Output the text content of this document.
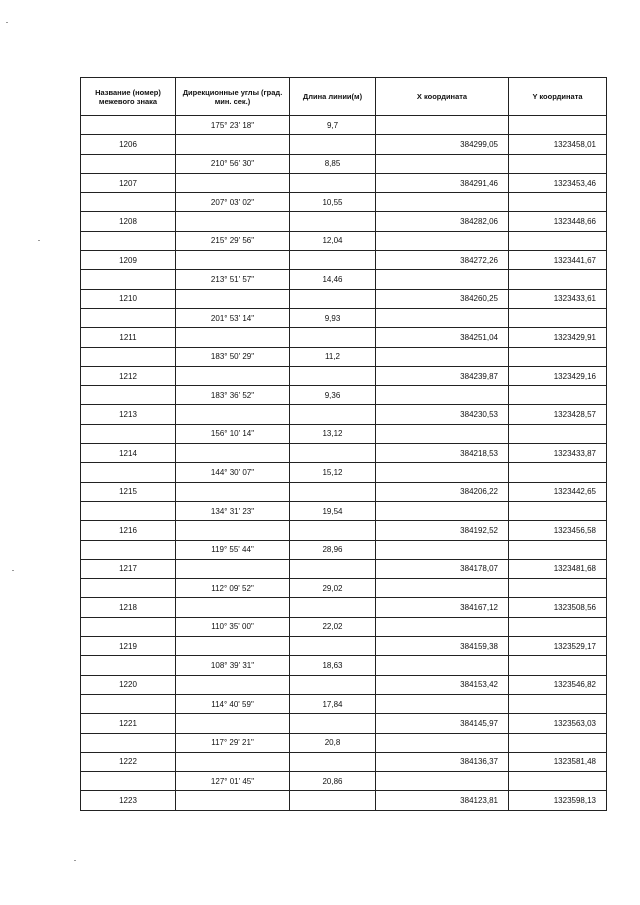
Название (номер) межевого знака	Дирекционные углы (град. мин. сек.)	Длина линии(м)	X координата	Y координата
	175° 23' 18"	9,7		
1206			384299,05	1323458,01
	210° 56' 30"	8,85		
1207			384291,46	1323453,46
	207° 03' 02"	10,55		
1208			384282,06	1323448,66
	215° 29' 56"	12,04		
1209			384272,26	1323441,67
	213° 51' 57"	14,46		
1210			384260,25	1323433,61
	201° 53' 14"	9,93		
1211			384251,04	1323429,91
	183° 50' 29"	11,2		
1212			384239,87	1323429,16
	183° 36' 52"	9,36		
1213			384230,53	1323428,57
	156° 10' 14"	13,12		
1214			384218,53	1323433,87
	144° 30' 07"	15,12		
1215			384206,22	1323442,65
	134° 31' 23"	19,54		
1216			384192,52	1323456,58
	119° 55' 44"	28,96		
1217			384178,07	1323481,68
	112° 09' 52"	29,02		
1218			384167,12	1323508,56
	110° 35' 00"	22,02		
1219			384159,38	1323529,17
	108° 39' 31"	18,63		
1220			384153,42	1323546,82
	114° 40' 59"	17,84		
1221			384145,97	1323563,03
	117° 29' 21"	20,8		
1222			384136,37	1323581,48
	127° 01' 45"	20,86		
1223			384123,81	1323598,13
